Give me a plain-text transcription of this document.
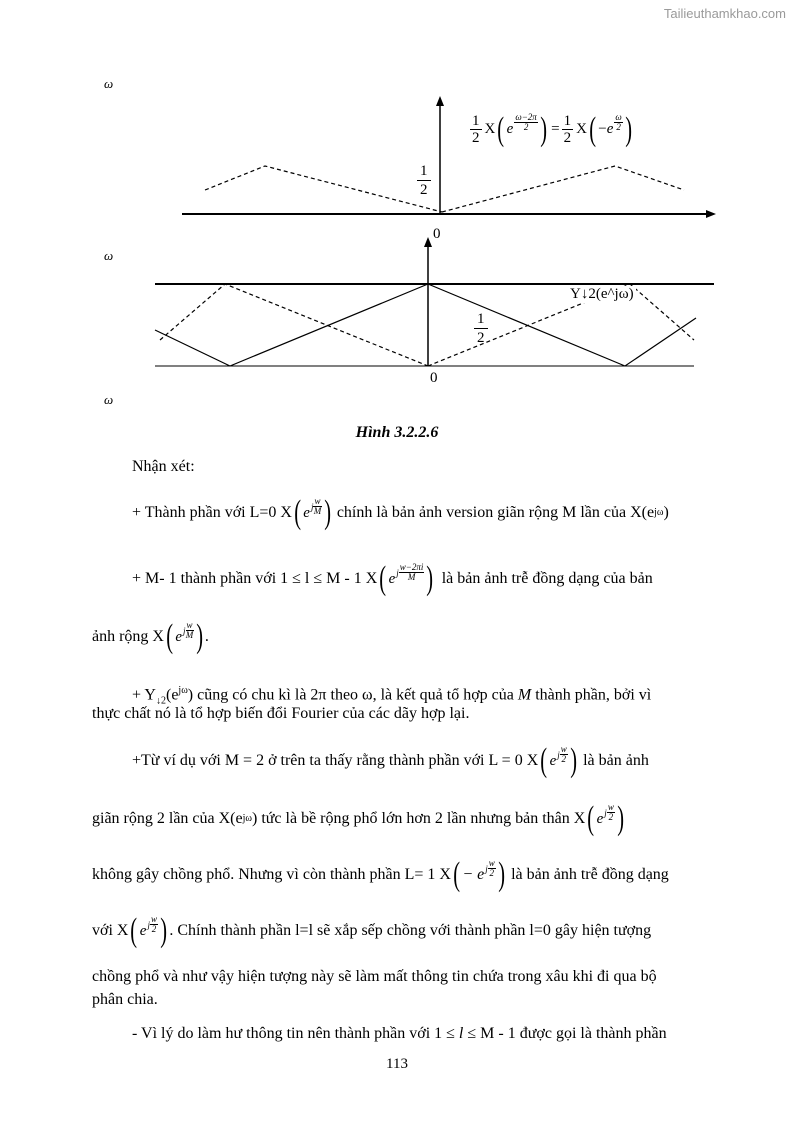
Tailieuthamkhao.com
ω
ω
ω
1
2
X ( e $\frac{\omega-2\pi}{2}$ ) = $\frac{1}{2}$ X ( − e $\frac{\omega}{2}$ )
1
2
0
0
1
2
Y↓2(e^jω)
Hình 3.2.2.6
Nhận xét:
+ Thành phần với L=0 X ( e j
w
M ) chính là bản ảnh version giãn rộng M lần của X(e jω )
+ M- 1 thành phần với 1 ≤ l ≤ M - 1 X ( e j
w−2πi
M ) là bản ảnh trễ đồng dạng của bản
ảnh rộng X ( e j
w
M ) .
+ $Y_{↓2}(e^{j\omega})$ cũng có chu kì là 2π theo ω, là kết quả tổ hợp của M thành phần, bởi vì
thực chất nó là tổ hợp biến đổi Fourier của các dãy hợp lại.
+Từ ví dụ với M = 2 ở trên ta thấy rằng thành phần với L = 0 X ( e j
w
2 ) là bản ảnh
giãn rộng 2 lần của X(e jω ) tức là bề rộng phổ lớn hơn 2 lần nhưng bản thân X ( e j
w
2 )
không gây chồng phổ. Nhưng vì còn thành phần L= 1 X ( − e j
w
2 ) là bản ảnh trễ đồng dạng
với X ( e j
w
2 ) . Chính thành phần l=l sẽ xắp sếp chồng với thành phần l=0 gây hiện tượng
chồng phổ và như vậy hiện tượng này sẽ làm mất thông tin chứa trong xâu khi đi qua bộ
phân chia.
- Vì lý do làm hư thông tin nên thành phần với 1 ≤ l ≤ M - 1 được gọi là thành phần
113
